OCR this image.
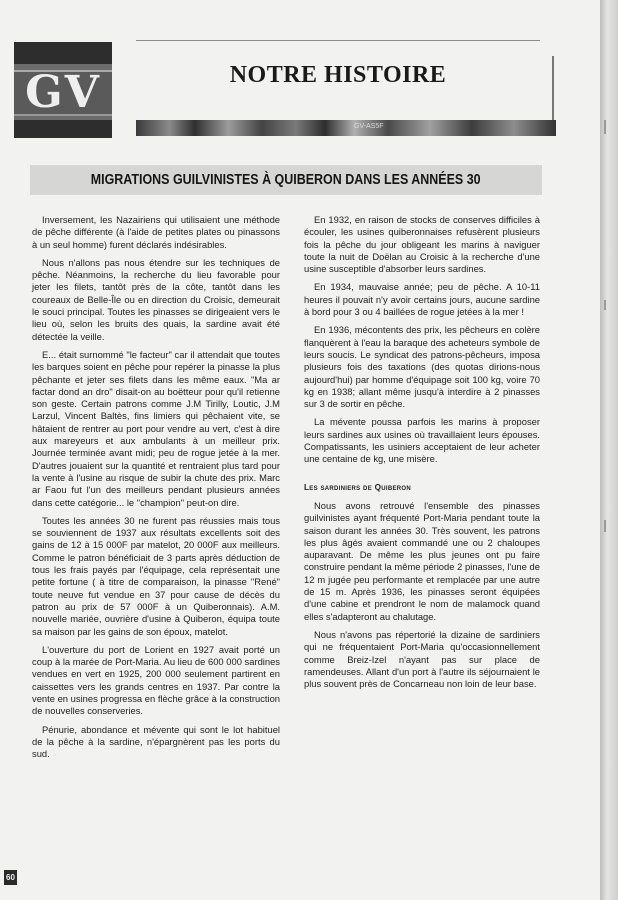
GV	NOTRE HISTOIRE
GV-AS5F
MIGRATIONS GUILVINISTES À QUIBERON DANS LES ANNÉES 30

Inversement, les Nazairiens qui utilisaient une méthode de pêche différente (à l'aide de petites plates ou pinassons à un seul homme) furent déclarés indésirables.

Nous n'allons pas nous étendre sur les techniques de pêche. Néanmoins, la recherche du lieu favorable pour jeter les filets, tantôt près de la côte, tantôt dans les coureaux de Belle-Île ou en direction du Croisic, demeurait le souci principal. Toutes les pinasses se dirigeaient vers le lieu où, selon les bruits des quais, la sardine avait été détectée la veille.

E... était surnommé "le facteur" car il attendait que toutes les barques soient en pêche pour repérer la pinasse la plus pêchante et jeter ses filets dans les même eaux. "Ma ar factar dond an dro" disait-on au boëtteur pour qu'il retienne son geste. Certain patrons comme J.M Tirilly, Loutic, J.M Larzul, Vincent Baltès, fins limiers qui pêchaient vite, se hâtaient de rentrer au port pour vendre au vert, c'est à dire aux mareyeurs et aux ambulants à un meilleur prix. Journée terminée avant midi; peu de rogue jetée à la mer. D'autres jouaient sur la quantité et rentraient plus tard pour la vente à l'usine au risque de subir la chute des prix. Marc ar Faou fut l'un des meilleurs pendant plusieurs années dans cette catégorie... le "champion" peut-on dire.

Toutes les années 30 ne furent pas réussies mais tous se souviennent de 1937 aux résultats excellents soit des gains de 12 à 15 000F par matelot, 20 000F aux meilleurs. Comme le patron bénéficiait de 3 parts après déduction de tous les frais payés par l'équipage, cela représentait une petite fortune ( à titre de comparaison, la pinasse "René" toute neuve fut vendue en 37 pour cause de décès du patron au prix de 57 000F à un Quiberonnais). A.M. nouvelle mariée, ouvrière d'usine à Quiberon, équipa toute sa maison par les gains de son époux, matelot.

L'ouverture du port de Lorient en 1927 avait porté un coup à la marée de Port-Maria. Au lieu de 600 000 sardines vendues en vert en 1925, 200 000 seulement partirent en caissettes vers les grands centres en 1937. Par contre la vente en usines progressa en flèche grâce à la construction de nouvelles conserveries.

Pénurie, abondance et mévente qui sont le lot habituel de la pêche à la sardine, n'épargnèrent pas les ports du sud.

En 1932, en raison de stocks de conserves difficiles à écouler, les usines quiberonnaises refusèrent plusieurs fois la pêche du jour obligeant les marins à naviguer toute la nuit de Doëlan au Croisic à la recherche d'une usine susceptible d'absorber leurs sardines.

En 1934, mauvaise année; peu de pêche. A 10-11 heures il pouvait n'y avoir certains jours, aucune sardine à bord pour 3 ou 4 baillées de rogue jetées à la mer !

En 1936, mécontents des prix, les pêcheurs en colère flanquèrent à l'eau la baraque des acheteurs symbole de leurs soucis. Le syndicat des patrons-pêcheurs, imposa plusieurs fois des taxations (des quotas dirions-nous aujourd'hui) par homme d'équipage soit 100 kg, voire 70 kg en 1938; allant même jusqu'à interdire à 2 pinasses sur 3 de sortir en pêche.

La mévente poussa parfois les marins à proposer leurs sardines aux usines où travaillaient leurs épouses. Compatissants, les usiniers acceptaient de leur acheter une centaine de kg, une misère.

Les sardiniers de Quiberon

Nous avons retrouvé l'ensemble des pinasses guilvinistes ayant fréquenté Port-Maria pendant toute la saison durant les années 30. Très souvent, les patrons les plus âgés avaient commandé une ou 2 chaloupes auparavant. De même les plus jeunes ont pu faire construire pendant la même période 2 pinasses, l'une de 12 m jugée peu performante et remplacée par une autre de 15 m. Après 1936, les pinasses seront équipées d'une cabine et prendront le nom de malamock quand elles s'adapteront au chalutage.

Nous n'avons pas répertorié la dizaine de sardiniers qui ne fréquentaient Port-Maria qu'occasionnellement comme Breiz-Izel n'ayant pas sur place de ramendeuses. Allant d'un port à l'autre ils séjournaient le plus souvent près de Concarneau non loin de leur base.

60
